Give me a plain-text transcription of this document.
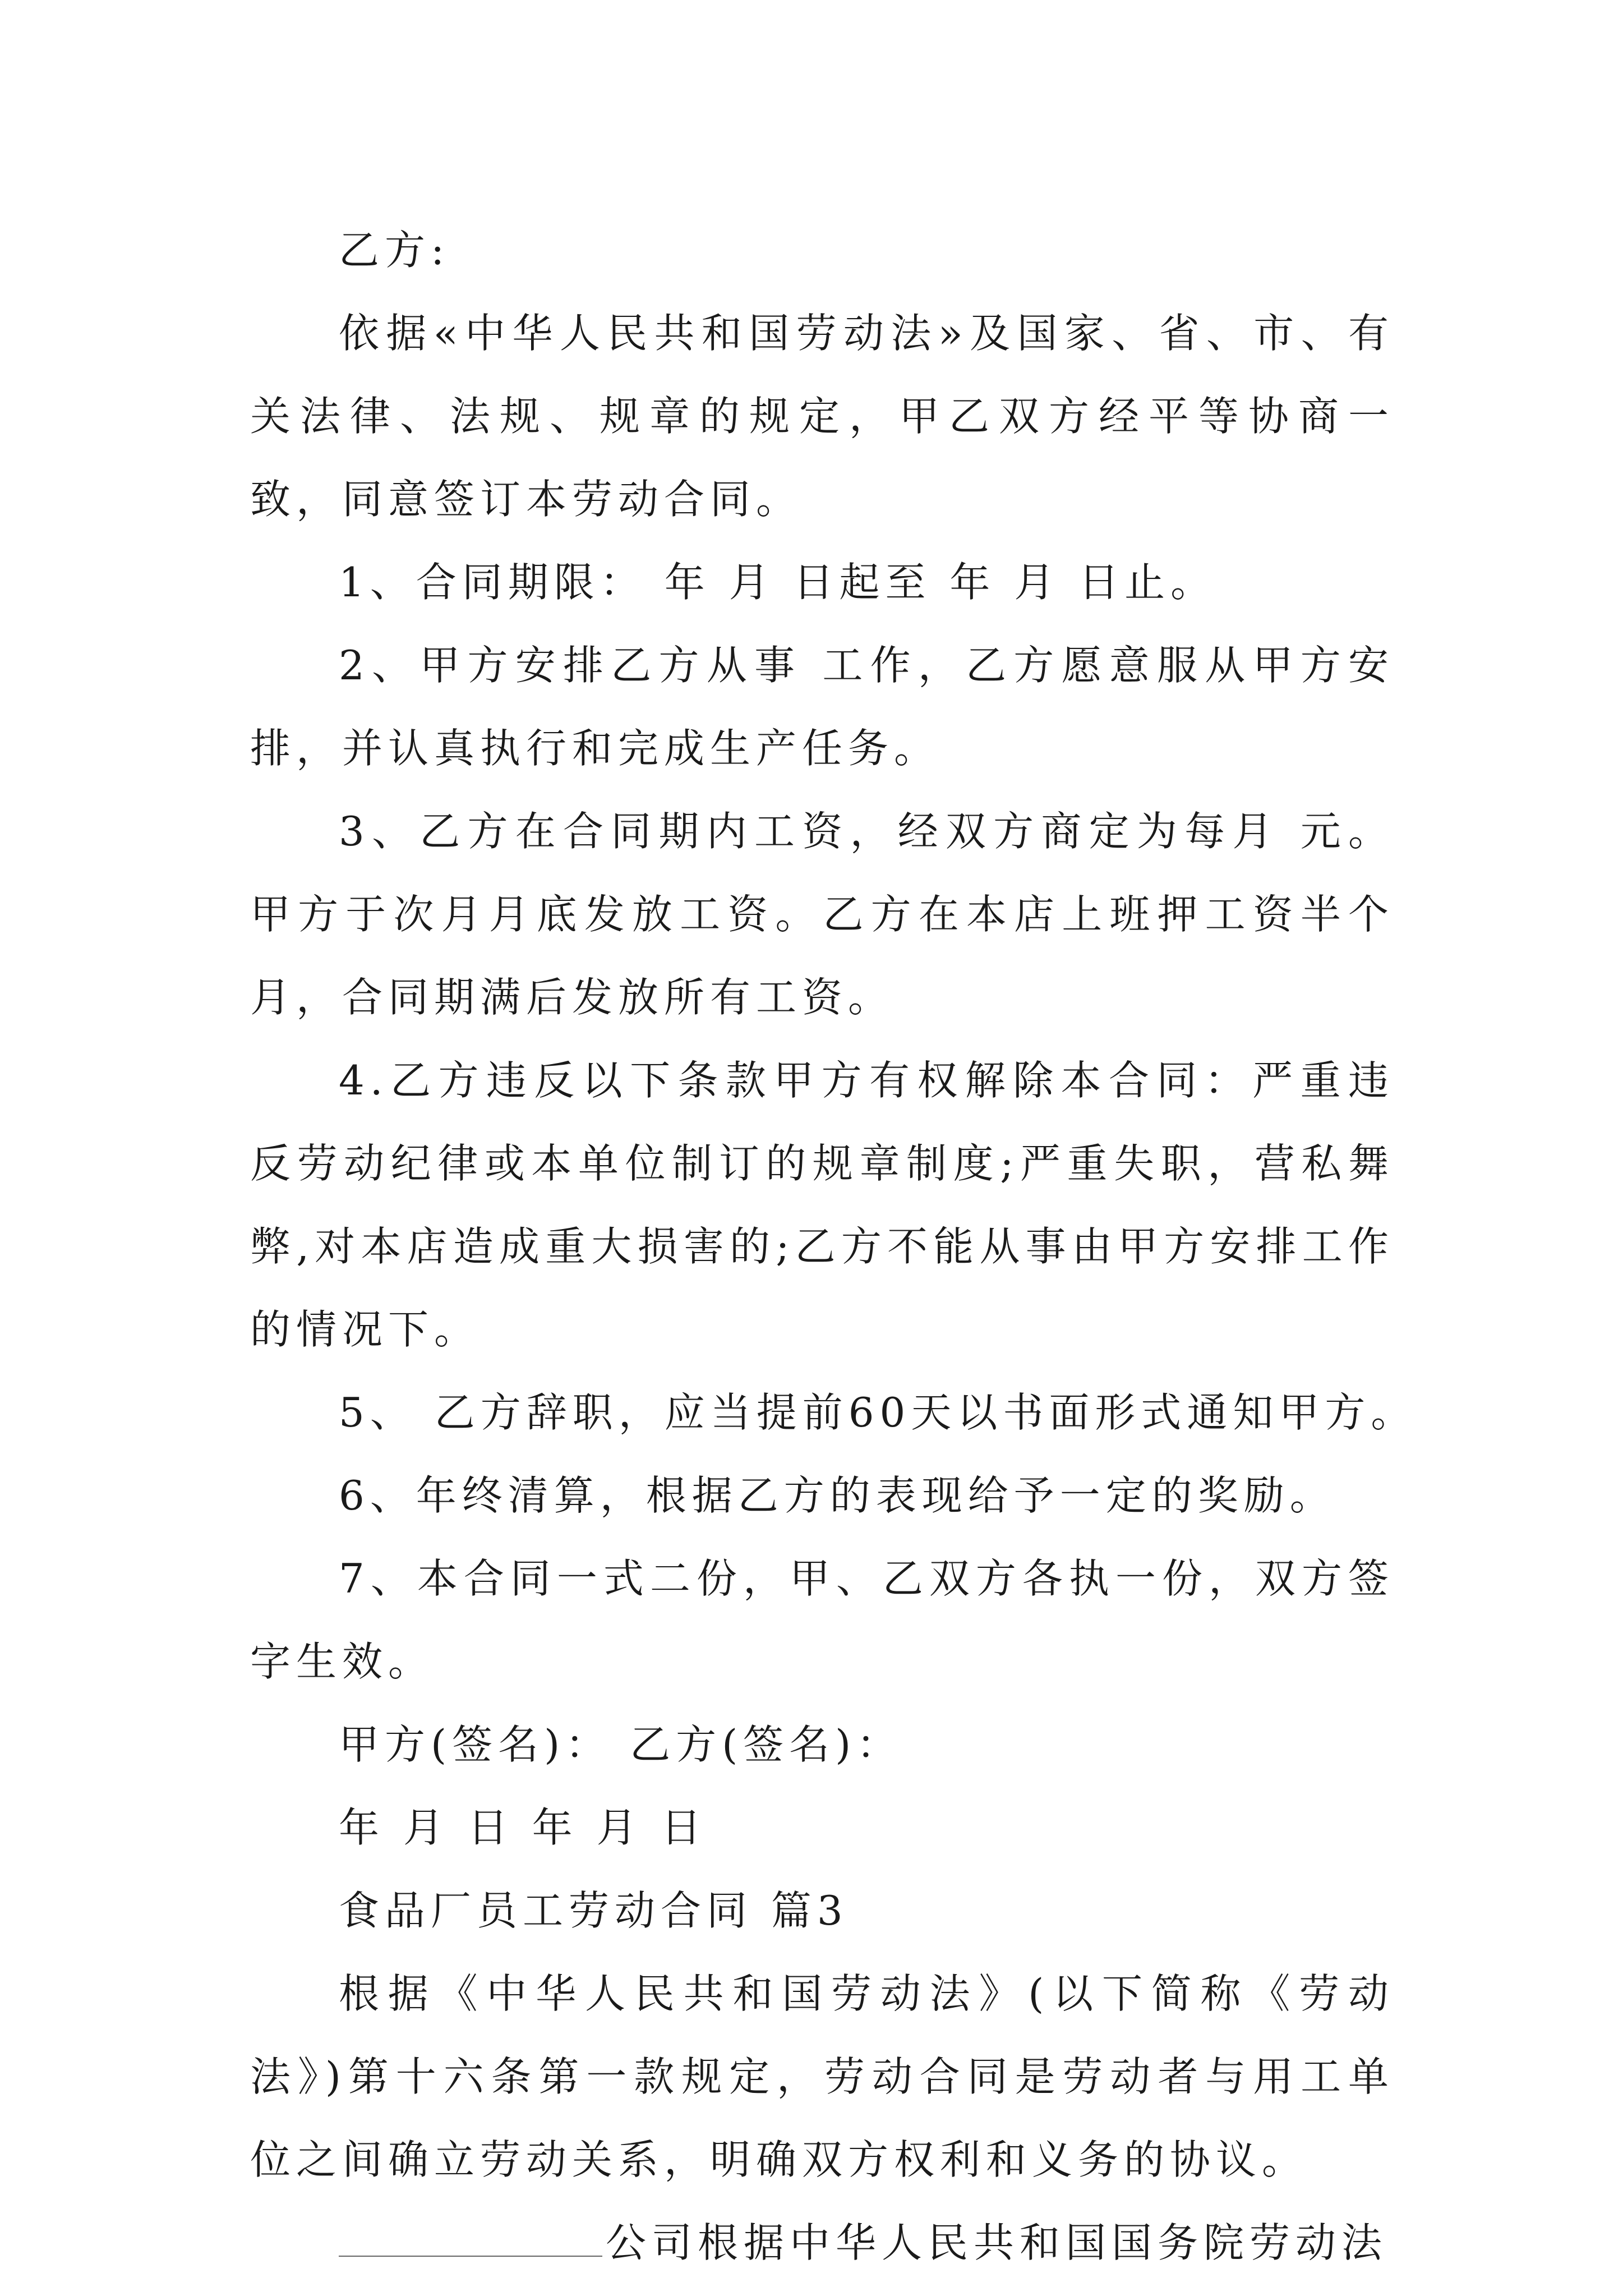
乙方:

依据«中华人民共和国劳动法»及国家、省、市、有关法律、法规、规章的规定，甲乙双方经平等协商一致，同意签订本劳动合同。

1、合同期限： 年 月 日起至 年 月 日止。

2、甲方安排乙方从事 工作，乙方愿意服从甲方安排，并认真执行和完成生产任务。

3、乙方在合同期内工资，经双方商定为每月 元。甲方于次月月底发放工资。乙方在本店上班押工资半个月，合同期满后发放所有工资。

4.乙方违反以下条款甲方有权解除本合同：严重违反劳动纪律或本单位制订的规章制度;严重失职，营私舞弊,对本店造成重大损害的;乙方不能从事由甲方安排工作的情况下。

5、 乙方辞职，应当提前60天以书面形式通知甲方。

6、年终清算，根据乙方的表现给予一定的奖励。

7、本合同一式二份，甲、乙双方各执一份，双方签字生效。

甲方(签名)： 乙方(签名)：

年 月 日 年 月 日

食品厂员工劳动合同 篇3

根据《中华人民共和国劳动法》(以下简称《劳动法》)第十六条第一款规定，劳动合同是劳动者与用工单位之间确立劳动关系，明确双方权利和义务的协议。

公司根据中华人民共和国国务院劳动法
